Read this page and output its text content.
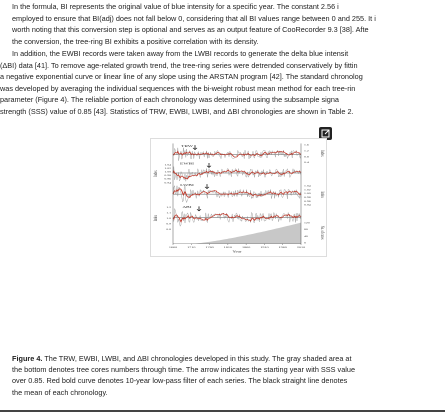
In the formula, BI represents the original value of blue intensity for a specific year. The constant 2.56 i
employed to ensure that BI(adj) does not fall below 0, considering that all BI values range between 0 and 255. It i
worth noting that this conversion step is optional and serves as an output feature of CooRecorder 9.3 [38]. Afte
the conversion, the tree-ring BI exhibits a positive correlation with its density.
In addition, the EWBI records were taken away from the LWBI records to generate the delta blue intensit
(ΔBI) data [41]. To remove age-related growth trend, the tree-ring series were detrended conservatively by fittin
a negative exponential curve or linear line of any slope using the ARSTAN program [42]. The standard chronolog
was developed by averaging the individual sequences with the bi-weight robust mean method for each tree-rin
parameter (Figure 4). The reliable portion of each chronology was determined using the subsample signa
strength (SSS) value of 0.85 [43]. Statistics of TRW, EWBI, LWBI, and ΔBI chronologies are shown in Table 2.
TRW
EWBI
LWBI
ΔBI
1660 1710 1760 1810 1860 1910 1960 2010
Year
1.6
1.2
0.8
0.4
1.04
1.02
1.00
0.98
0.96
0.94
1.04
1.02
1.00
0.98
0.96
0.94
1.2
1.1
1.0
0.9
0.8
120
80
40
0
Index
Index
Index
Index
No. of cores
Figure 4. The TRW, EWBI, LWBI, and ΔBI chronologies developed in this study. The gray shaded area at
the bottom denotes tree cores numbers through time. The arrow indicates the starting year with SSS value
over 0.85. Red bold curve denotes 10-year low-pass filter of each series. The black straight line denotes
the mean of each chronology.
